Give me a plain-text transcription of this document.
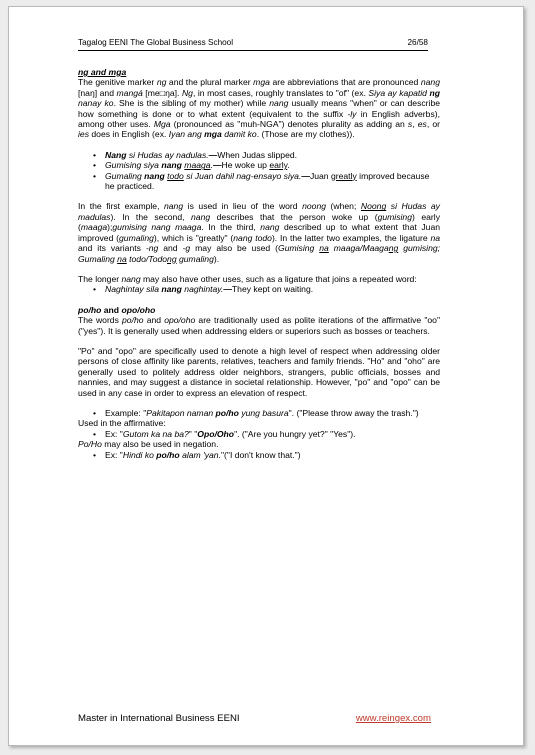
Tagalog EENI The Global Business School	26/58

ng and mga

The genitive marker ng and the plural marker mga are abbreviations that are pronounced nang [naŋ] and mangá [me□ŋa]. Ng, in most cases, roughly translates to "of" (ex. Siya ay kapatid ng nanay ko. She is the sibling of my mother) while nang usually means "when" or can describe how something is done or to what extent (equivalent to the suffix -ly in English adverbs), among other uses. Mga (pronounced as "muh-NGA") denotes plurality as adding an s, es, or ies does in English (ex. Iyan ang mga damit ko. (Those are my clothes)).

• Nang si Hudas ay nadulas.—When Judas slipped.
• Gumising siya nang maaga.—He woke up early.
• Gumaling nang todo si Juan dahil nag-ensayo siya.—Juan greatly improved because he practiced.

In the first example, nang is used in lieu of the word noong (when; Noong si Hudas ay madulas). In the second, nang describes that the person woke up (gumising) early (maaga);gumising nang maaga. In the third, nang described up to what extent that Juan improved (gumaling), which is "greatly" (nang todo). In the latter two examples, the ligature na and its variants -ng and -g may also be used (Gumising na maaga/Maagang gumising; Gumaling na todo/Todong gumaling).

The longer nang may also have other uses, such as a ligature that joins a repeated word:

• Naghintay sila nang naghintay.—They kept on waiting.

po/ho and opo/oho

The words po/ho and opo/oho are traditionally used as polite iterations of the affirmative "oo" ("yes"). It is generally used when addressing elders or superiors such as bosses or teachers.

"Po" and "opo" are specifically used to denote a high level of respect when addressing older persons of close affinity like parents, relatives, teachers and family friends. "Ho" and "oho" are generally used to politely address older neighbors, strangers, public officials, bosses and nannies, and may suggest a distance in societal relationship. However, "po" and "opo" can be used in any case in order to express an elevation of respect.

• Example: "Pakitapon naman po/ho yung basura". ("Please throw away the trash.")

Used in the affirmative:

• Ex: "Gutom ka na ba?" "Opo/Oho". ("Are you hungry yet?" "Yes").

Po/Ho may also be used in negation.

• Ex: "Hindi ko po/ho alam 'yan."("I don't know that.")
Master in International Business EENI	www.reingex.com
